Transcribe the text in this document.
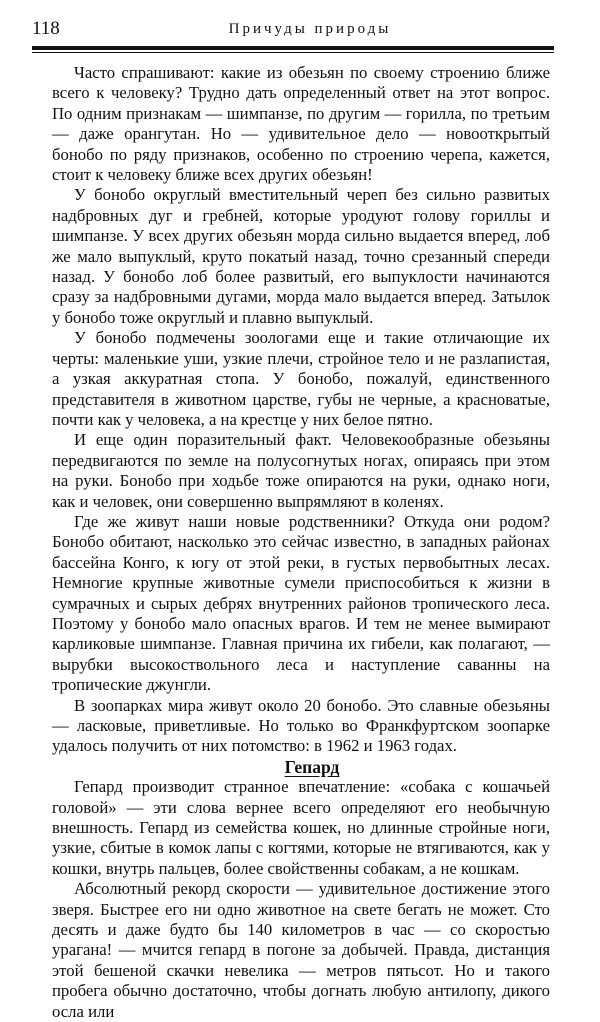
118	Причуды природы

Часто спрашивают: какие из обезьян по своему строению ближе всего к человеку? Трудно дать определенный ответ на этот вопрос. По одним признакам — шимпанзе, по другим — горилла, по третьим — даже орангутан. Но — удивительное дело — новооткрытый бонобо по ряду признаков, особенно по строению черепа, кажется, стоит к человеку ближе всех других обезьян!

У бонобо округлый вместительный череп без сильно развитых надбровных дуг и гребней, которые уродуют голову гориллы и шимпанзе. У всех других обезьян морда сильно выдается вперед, лоб же мало выпуклый, круто покатый назад, точно срезанный спереди назад. У бонобо лоб более развитый, его выпуклости начинаются сразу за надбровными дугами, морда мало выдается вперед. Затылок у бонобо тоже округлый и плавно выпуклый.

У бонобо подмечены зоологами еще и такие отличающие их черты: маленькие уши, узкие плечи, стройное тело и не разлапистая, а узкая аккуратная стопа. У бонобо, пожалуй, единственного представителя в животном царстве, губы не черные, а красноватые, почти как у человека, а на крестце у них белое пятно.

И еще один поразительный факт. Человекообразные обезьяны передвигаются по земле на полусогнутых ногах, опираясь при этом на руки. Бонобо при ходьбе тоже опираются на руки, однако ноги, как и человек, они совершенно выпрямляют в коленях.

Где же живут наши новые родственники? Откуда они родом? Бонобо обитают, насколько это сейчас известно, в западных районах бассейна Конго, к югу от этой реки, в густых первобытных лесах. Немногие крупные животные сумели приспособиться к жизни в сумрачных и сырых дебрях внутренних районов тропического леса. Поэтому у бонобо мало опасных врагов. И тем не менее вымирают карликовые шимпанзе. Главная причина их гибели, как полагают, — вырубки высокоствольного леса и наступление саванны на тропические джунгли.

В зоопарках мира живут около 20 бонобо. Это славные обезьяны — ласковые, приветливые. Но только во Франкфуртском зоопарке удалось получить от них потомство: в 1962 и 1963 годах.

Гепард

Гепард производит странное впечатление: «собака с кошачьей головой» — эти слова вернее всего определяют его необычную внешность. Гепард из семейства кошек, но длинные стройные ноги, узкие, сбитые в комок лапы с когтями, которые не втягиваются, как у кошки, внутрь пальцев, более свойственны собакам, а не кошкам.

Абсолютный рекорд скорости — удивительное достижение этого зверя. Быстрее его ни одно животное на свете бегать не может. Сто десять и даже будто бы 140 километров в час — со скоростью урагана! — мчится гепард в погоне за добычей. Правда, дистанция этой бешеной скачки невелика — метров пятьсот. Но и такого пробега обычно достаточно, чтобы догнать любую антилопу, дикого осла или
